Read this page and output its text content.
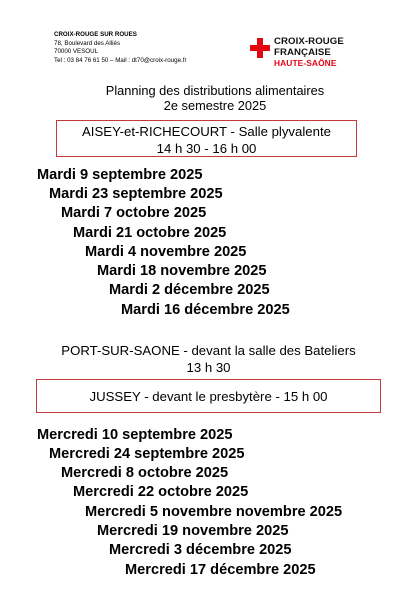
CROIX-ROUGE SUR ROUES
78, Boulevard des Alliés
70000 VESOUL
Tel : 03 84 76 61 50 – Mail : dt70@croix-rouge.fr
CROIX-ROUGE
FRANÇAISE
HAUTE-SAÔNE
Planning des distributions alimentaires
2e semestre 2025
AISEY-et-RICHECOURT - Salle plyvalente
14 h 30 - 16 h 00
Mardi 9 septembre 2025
Mardi 23 septembre 2025
Mardi 7 octobre 2025
Mardi 21 octobre 2025
Mardi 4 novembre 2025
Mardi 18 novembre 2025
Mardi 2 décembre 2025
Mardi 16 décembre 2025
PORT-SUR-SAONE - devant la salle des Bateliers
13 h 30
JUSSEY - devant le presbytère - 15 h 00
Mercredi 10 septembre 2025
Mercredi 24 septembre 2025
Mercredi 8 octobre 2025
Mercredi 22 octobre 2025
Mercredi 5 novembre novembre 2025
Mercredi 19 novembre 2025
Mercredi 3 décembre 2025
Mercredi 17 décembre 2025
